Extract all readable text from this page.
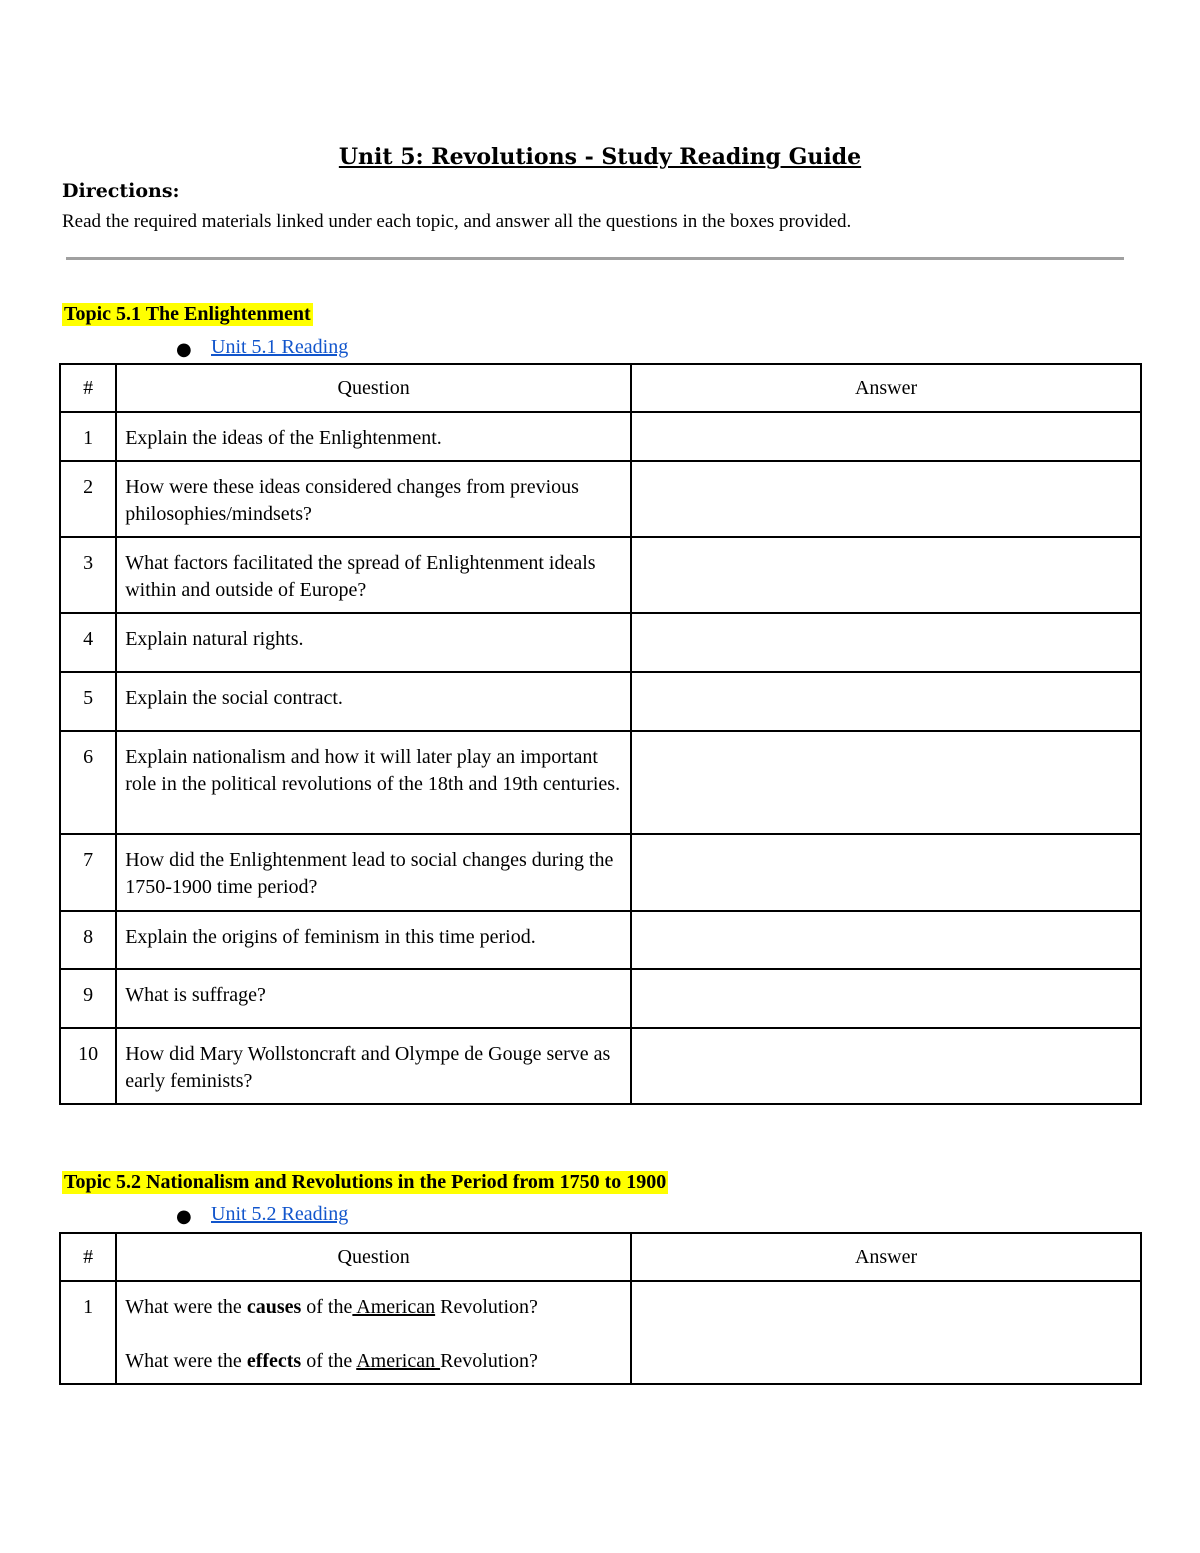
Unit 5: Revolutions - Study Reading Guide
Directions:
Read the required materials linked under each topic, and answer all the questions in the boxes provided.
Topic 5.1 The Enlightenment
● Unit 5.1 Reading
#	Question	Answer
1	Explain the ideas of the Enlightenment.	
2	How were these ideas considered changes from previous philosophies/mindsets?	
3	What factors facilitated the spread of Enlightenment ideals within and outside of Europe?	
4	Explain natural rights.	
5	Explain the social contract.	
6	Explain nationalism and how it will later play an important role in the political revolutions of the 18th and 19th centuries.	
7	How did the Enlightenment lead to social changes during the 1750-1900 time period?	
8	Explain the origins of feminism in this time period.	
9	What is suffrage?	
10	How did Mary Wollstoncraft and Olympe de Gouge serve as early feminists?	
Topic 5.2 Nationalism and Revolutions in the Period from 1750 to 1900
● Unit 5.2 Reading
#	Question	Answer
1	What were the causes of the American Revolution?
What were the effects of the American Revolution?	
